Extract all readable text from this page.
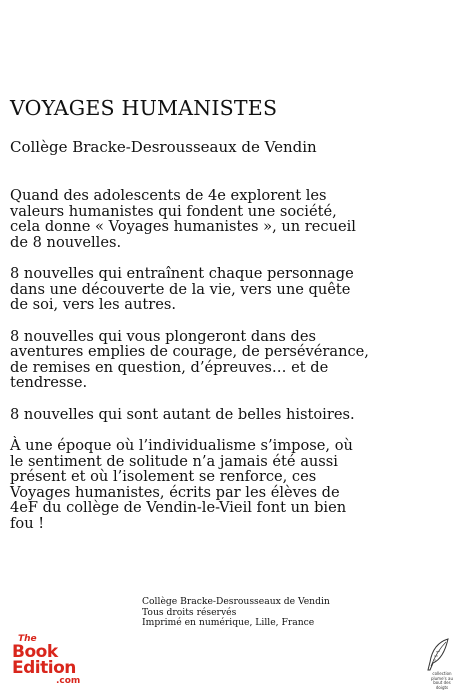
VOYAGES HUMANISTES
Collège Bracke-Desrousseaux de Vendin

Quand des adolescents de 4e explorent les valeurs humanistes qui fondent une société, cela donne « Voyages humanistes », un recueil de 8 nouvelles.

8 nouvelles qui entraînent chaque personnage dans une découverte de la vie, vers une quête de soi, vers les autres.

8 nouvelles qui vous plongeront dans des aventures emplies de courage, de persévérance, de remises en question, d’épreuves… et de tendresse.

8 nouvelles qui sont autant de belles histoires.

À une époque où l’individualisme s’impose, où le sentiment de solitude n’a jamais été aussi présent et où l’isolement se renforce, ces Voyages humanistes, écrits par les élèves de 4eF du collège de Vendin-le-Vieil font un bien fou !

Collège Bracke-Desrousseaux de Vendin
Tous droits réservés
Imprimé en numérique, Lille, France
The
Book
Edition
.com
collection plume's au bout des doigts
